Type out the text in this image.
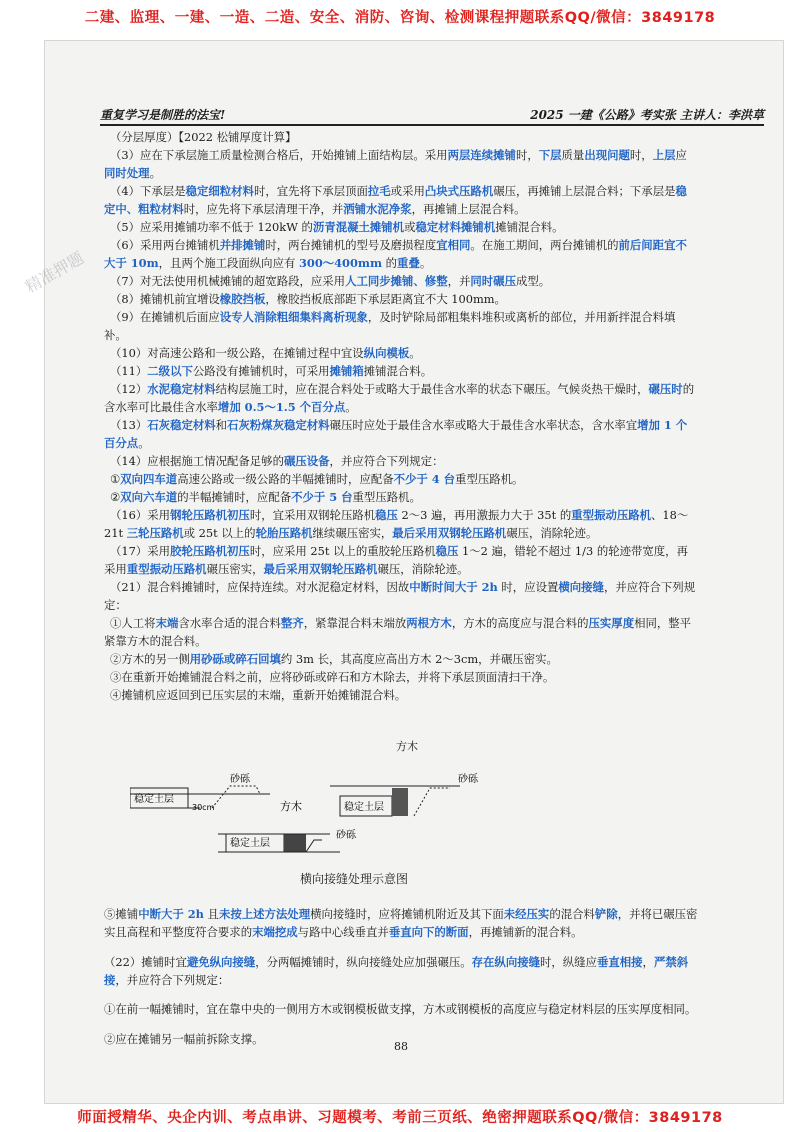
二建、监理、一建、一造、二造、安全、消防、咨询、检测课程押题联系QQ/微信：3849178
精准押题
重复学习是制胜的法宝!	2025 一建《公路》考实张 主讲人：李洪草

（分层厚度）【2022 松铺厚度计算】

（3）应在下承层施工质量检测合格后，开始摊铺上面结构层。采用两层连续摊铺时，下层质量出现问题时，上层应同时处理。

（4）下承层是稳定细粒材料时，宜先将下承层顶面拉毛或采用凸块式压路机碾压，再摊铺上层混合料；下承层是稳定中、粗粒材料时，应先将下承层清理干净，并洒铺水泥净浆，再摊铺上层混合料。

（5）应采用摊铺功率不低于 120kW 的沥青混凝土摊铺机或稳定材料摊铺机摊铺混合料。

（6）采用两台摊铺机并排摊铺时，两台摊铺机的型号及磨损程度宜相同。在施工期间，两台摊铺机的前后间距宜不大于 10m，且两个施工段面纵向应有 300～400mm 的重叠。

（7）对无法使用机械摊铺的超宽路段，应采用人工同步摊铺、修整，并同时碾压成型。

（8）摊铺机前宜增设橡胶挡板，橡胶挡板底部距下承层距离宜不大 100mm。

（9）在摊铺机后面应设专人消除粗细集料离析现象，及时铲除局部粗集料堆积或离析的部位，并用新拌混合料填补。

（10）对高速公路和一级公路，在摊铺过程中宜设纵向模板。

（11）二级以下公路没有摊铺机时，可采用摊铺箱摊铺混合料。

（12）水泥稳定材料结构层施工时，应在混合料处于或略大于最佳含水率的状态下碾压。气候炎热干燥时，碾压时的含水率可比最佳含水率增加 0.5～1.5 个百分点。

（13）石灰稳定材料和石灰粉煤灰稳定材料碾压时应处于最佳含水率或略大于最佳含水率状态，含水率宜增加 1 个百分点。

（14）应根据施工情况配备足够的碾压设备，并应符合下列规定：

①双向四车道高速公路或一级公路的半幅摊铺时，应配备不少于 4 台重型压路机。

②双向六车道的半幅摊铺时，应配备不少于 5 台重型压路机。

（16）采用钢轮压路机初压时，宜采用双钢轮压路机稳压 2～3 遍，再用激振力大于 35t 的重型振动压路机、18～21t 三轮压路机或 25t 以上的轮胎压路机继续碾压密实，最后采用双钢轮压路机碾压，消除轮迹。

（17）采用胶轮压路机初压时，应采用 25t 以上的重胶轮压路机稳压 1～2 遍，错轮不超过 1/3 的轮迹带宽度，再采用重型振动压路机碾压密实，最后采用双钢轮压路机碾压，消除轮迹。

（21）混合料摊铺时，应保持连续。对水泥稳定材料，因故中断时间大于 2h 时，应设置横向接缝，并应符合下列规定：

①人工将末端含水率合适的混合料整齐，紧靠混合料末端放两根方木，方木的高度应与混合料的压实厚度相同，整平紧靠方木的混合料。

②方木的另一侧用砂砾或碎石回填约 3m 长，其高度应高出方木 2～3cm，并碾压密实。

③在重新开始摊铺混合料之前，应将砂砾或碎石和方木除去，并将下承层顶面清扫干净。

④摊铺机应返回到已压实层的末端，重新开始摊铺混合料。

方木
稳定土层
砂砾
30cm	方木	稳定土层
砂砾
稳定土层
砂砾
横向接缝处理示意图

⑤摊铺中断大于 2h 且未按上述方法处理横向接缝时，应将摊铺机附近及其下面未经压实的混合料铲除，并将已碾压密实且高程和平整度符合要求的末端挖成与路中心线垂直并垂直向下的断面，再摊铺新的混合料。

（22）摊铺时宜避免纵向接缝，分两幅摊铺时，纵向接缝处应加强碾压。存在纵向接缝时，纵缝应垂直相接，严禁斜接，并应符合下列规定：

①在前一幅摊铺时，宜在靠中央的一侧用方木或钢模板做支撑，方木或钢模板的高度应与稳定材料层的压实厚度相同。

②应在摊铺另一幅前拆除支撑。

88
师面授精华、央企内训、考点串讲、习题模考、考前三页纸、绝密押题联系QQ/微信：3849178
